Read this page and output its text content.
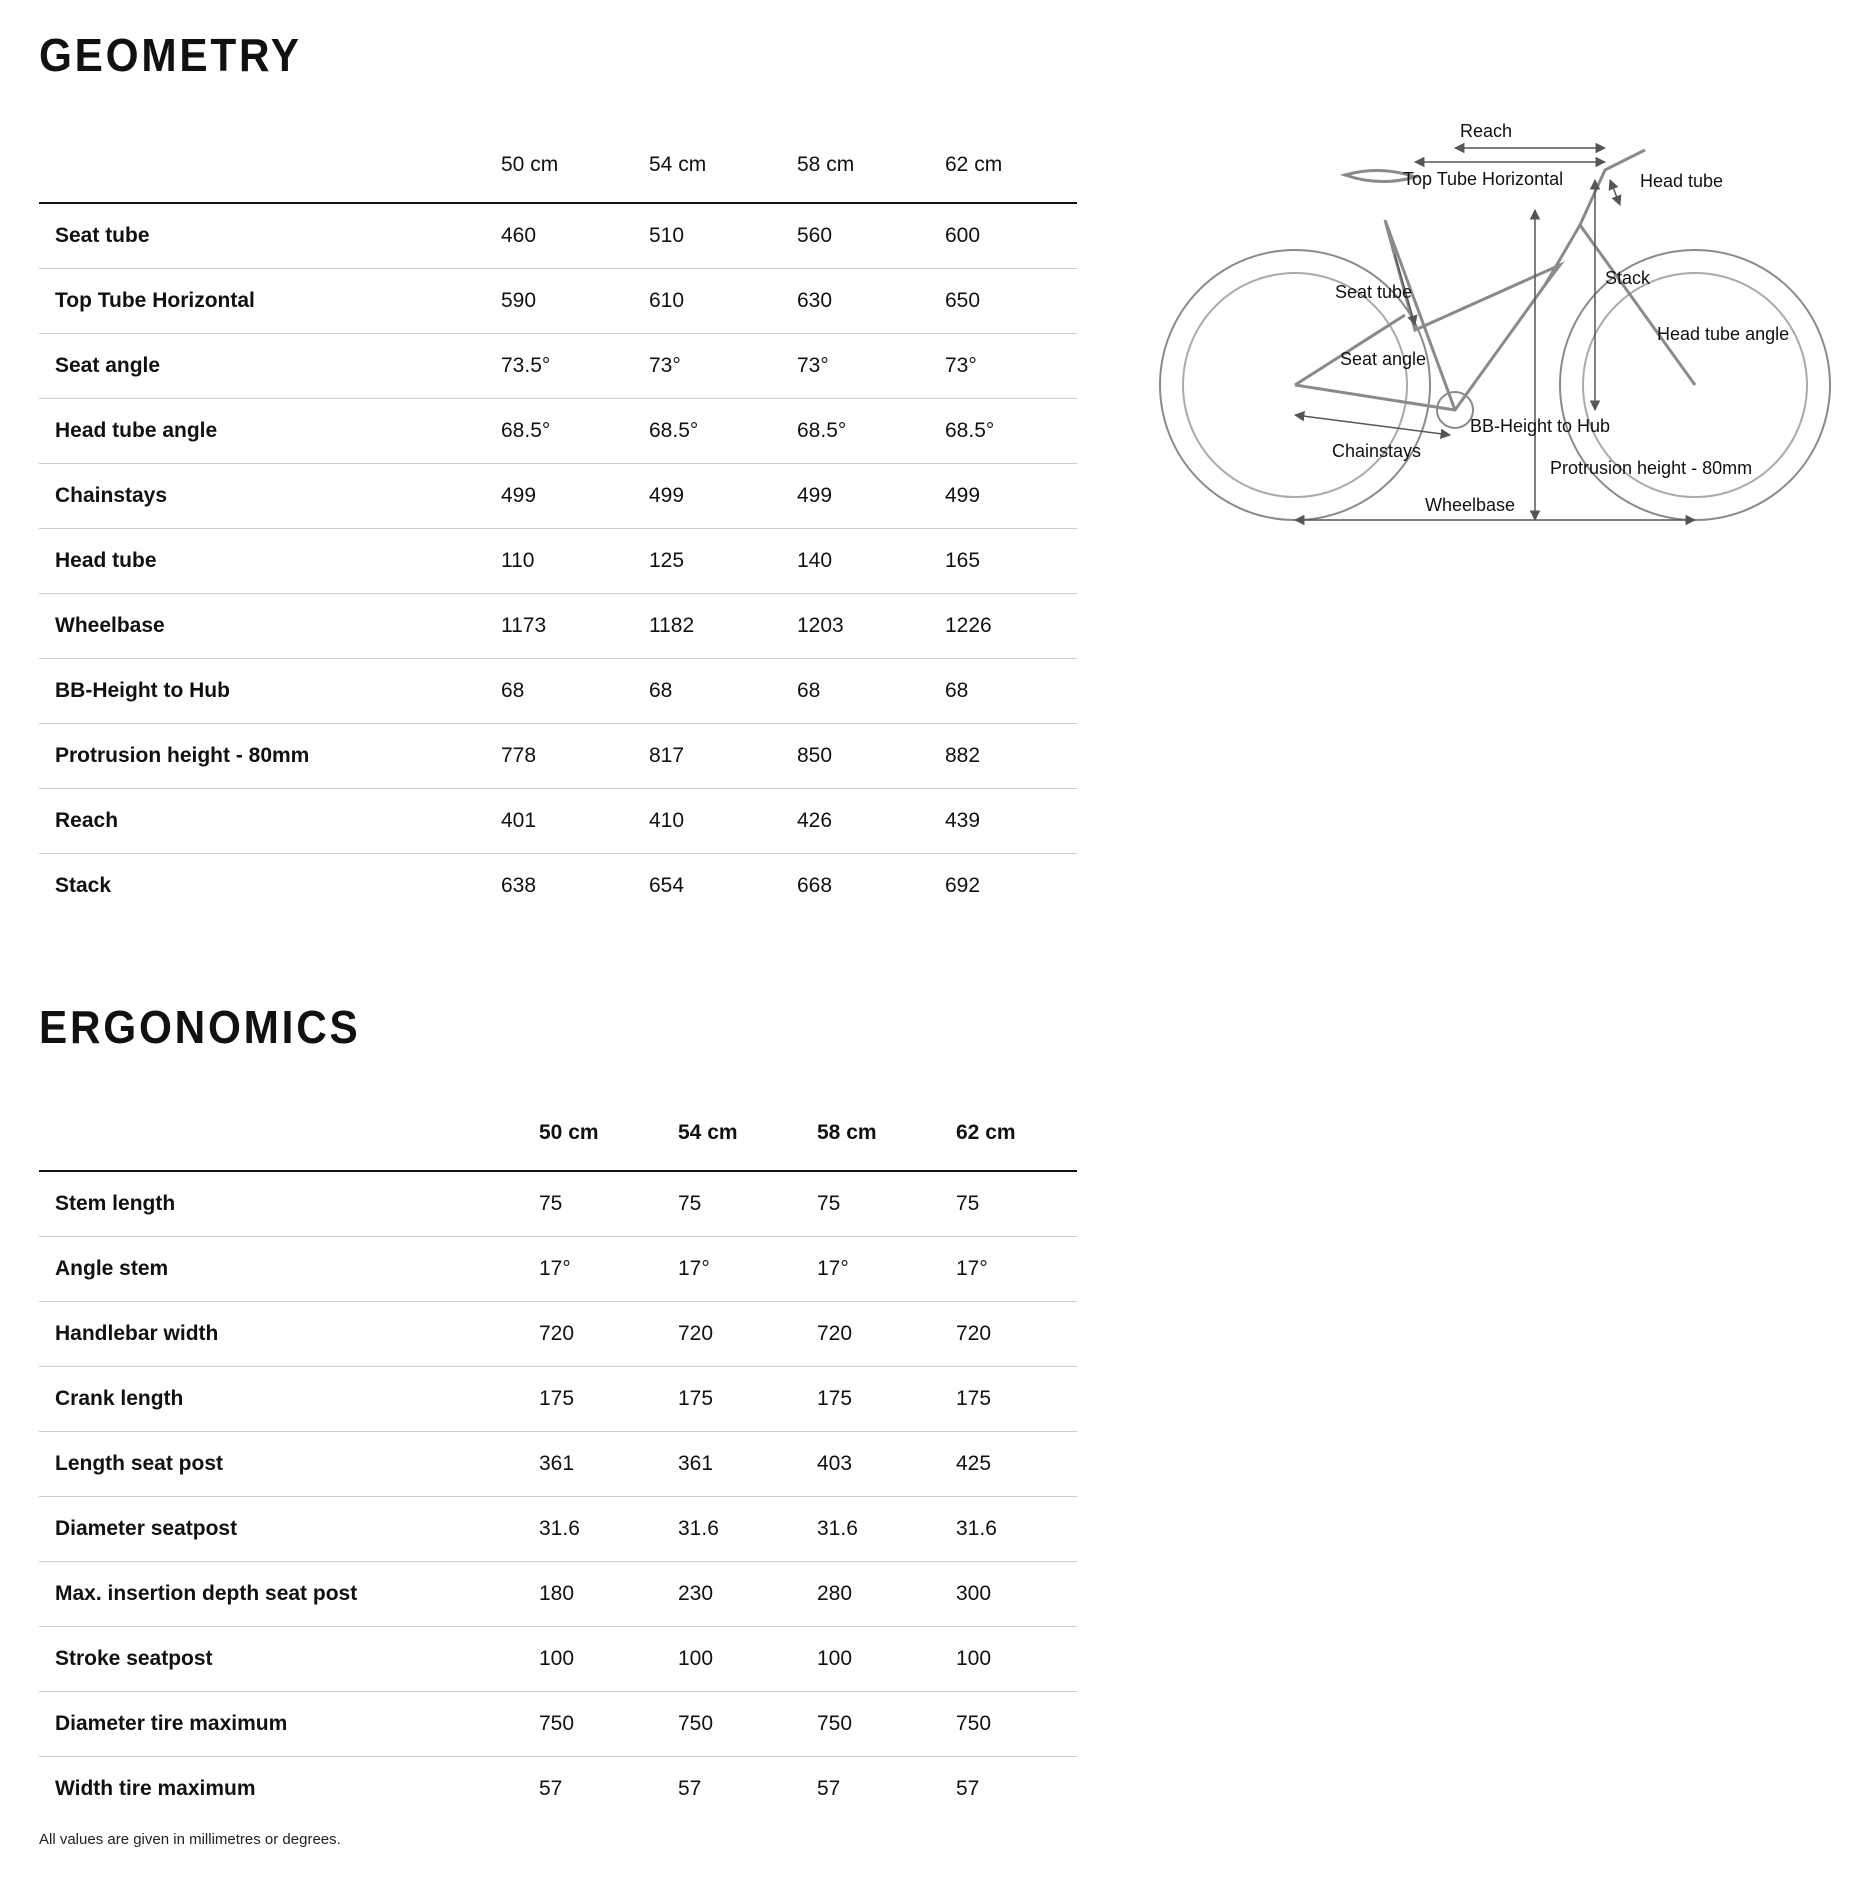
GEOMETRY
	50 cm	54 cm	58 cm	62 cm
Seat tube	460	510	560	600
Top Tube Horizontal	590	610	630	650
Seat angle	73.5°	73°	73°	73°
Head tube angle	68.5°	68.5°	68.5°	68.5°
Chainstays	499	499	499	499
Head tube	110	125	140	165
Wheelbase	1173	1182	1203	1226
BB-Height to Hub	68	68	68	68
Protrusion height - 80mm	778	817	850	882
Reach	401	410	426	439
Stack	638	654	668	692
Reach
Top Tube Horizontal	Head tube
Seat tube
Stack
Head tube angle
Seat angle
BB-Height to Hub
Chainstays
Protrusion height - 80mm
Wheelbase
ERGONOMICS
	50 cm	54 cm	58 cm	62 cm
Stem length	75	75	75	75
Angle stem	17°	17°	17°	17°
Handlebar width	720	720	720	720
Crank length	175	175	175	175
Length seat post	361	361	403	425
Diameter seatpost	31.6	31.6	31.6	31.6
Max. insertion depth seat post	180	230	280	300
Stroke seatpost	100	100	100	100
Diameter tire maximum	750	750	750	750
Width tire maximum	57	57	57	57
All values are given in millimetres or degrees.
